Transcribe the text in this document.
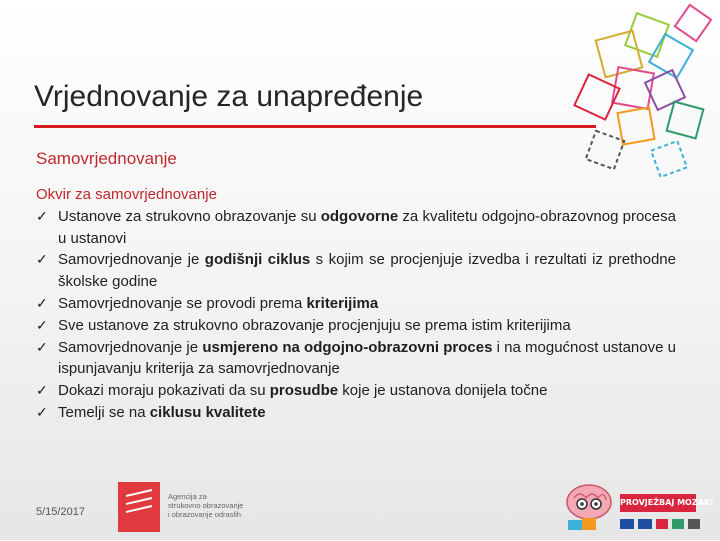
Vrjednovanje za unapređenje
Samovrjednovanje
Okvir za samovrjednovanje
✓ Ustanove za strukovno obrazovanje su odgovorne za kvalitetu odgojno-obrazovnog procesa u ustanovi
✓ Samovrjednovanje je godišnji ciklus s kojim se procjenjuje izvedba i rezultati iz prethodne školske godine
✓ Samovrjednovanje se provodi prema kriterijima
✓ Sve ustanove za strukovno obrazovanje procjenjuju se prema istim kriterijima
✓ Samovrjednovanje je usmjereno na odgojno-obrazovni proces i na mogućnost ustanove u ispunjavanju kriterija za samovrjednovanje
✓ Dokazi moraju pokazivati da su prosudbe koje je ustanova donijela točne
✓ Temelji se na ciklusu kvalitete
5/15/2017
Agencija za
strukovno obrazovanje
i obrazovanje odraslih
PROVJEŽBAJ MOZAK!
